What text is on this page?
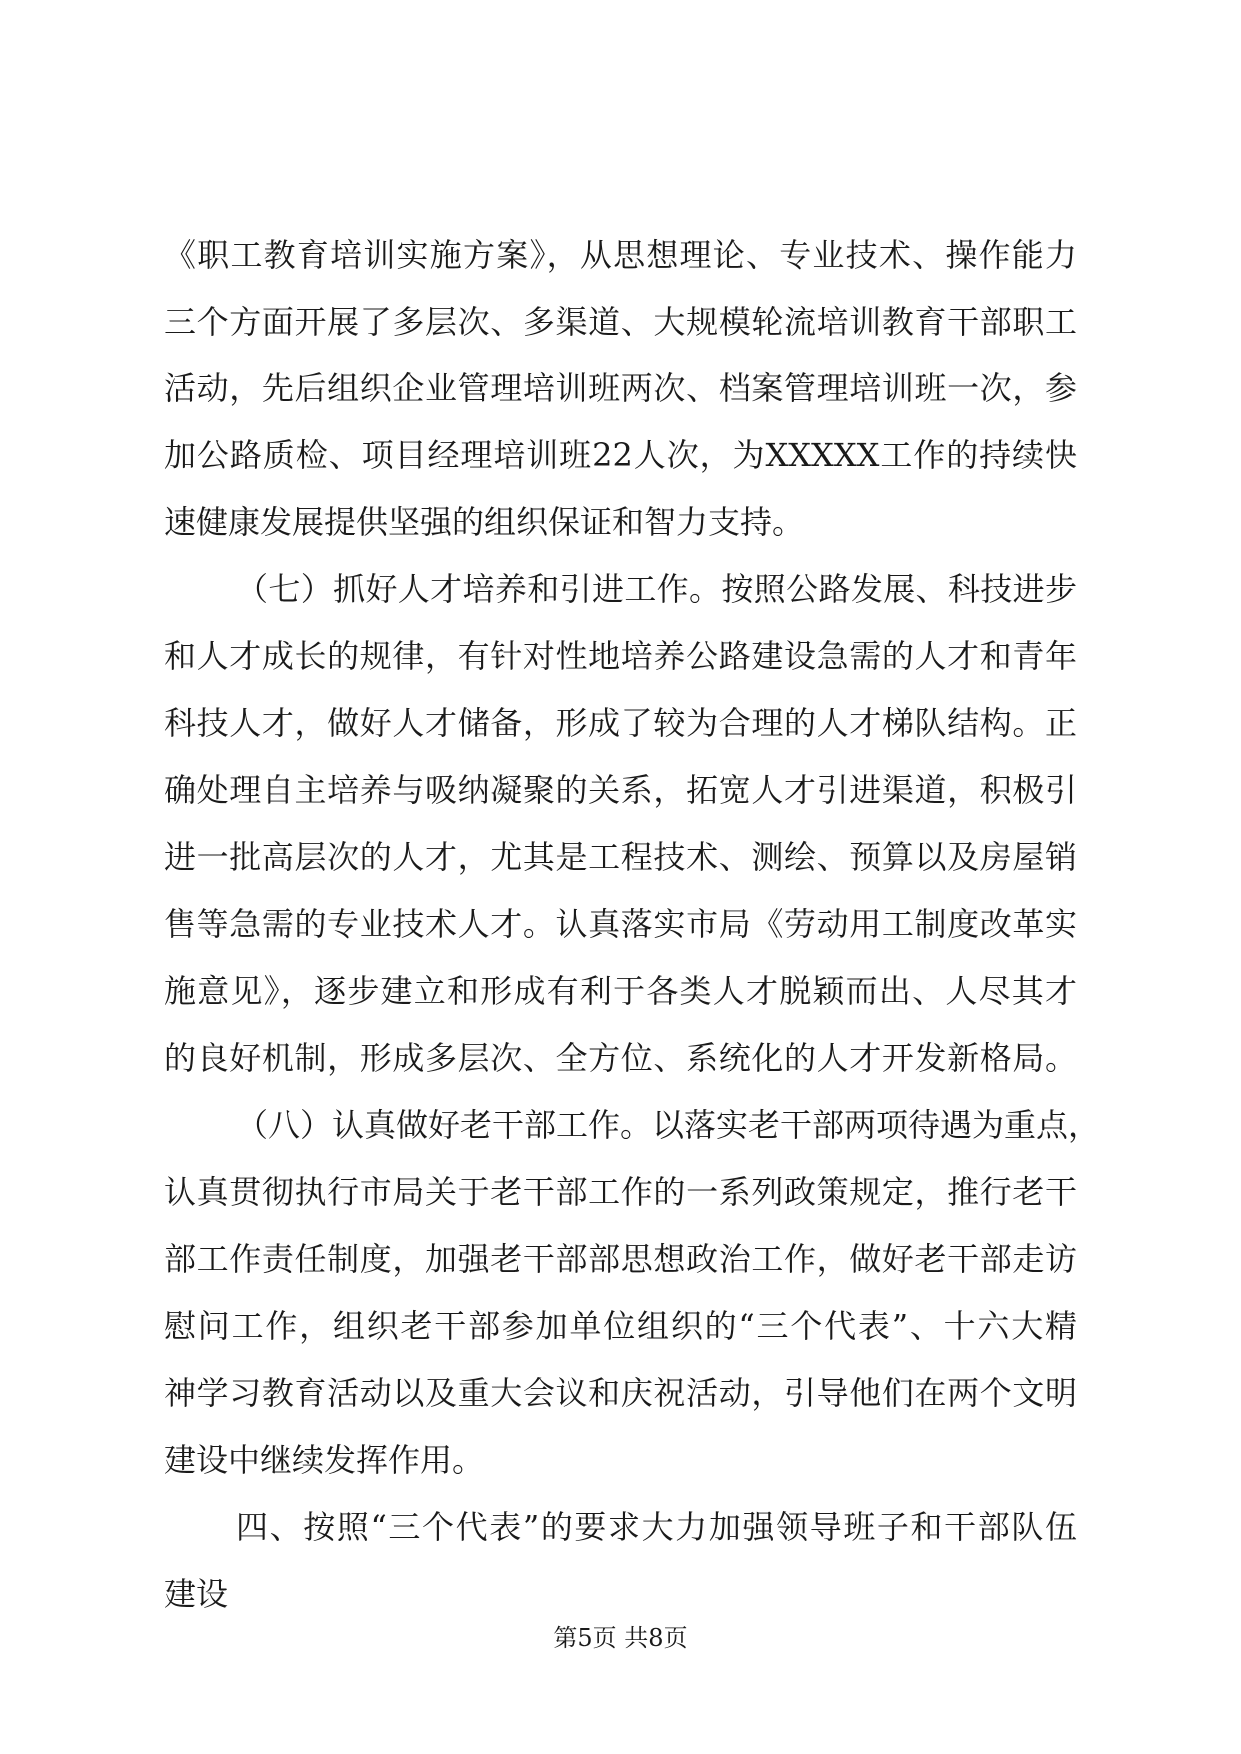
《职工教育培训实施方案》，从思想理论、专业技术、操作能力
三个方面开展了多层次、多渠道、大规模轮流培训教育干部职工
活动，先后组织企业管理培训班两次、档案管理培训班一次，参
加公路质检、项目经理培训班22人次，为XXXXX工作的持续快
速健康发展提供坚强的组织保证和智力支持。
（七）抓好人才培养和引进工作。按照公路发展、科技进步
和人才成长的规律，有针对性地培养公路建设急需的人才和青年
科技人才，做好人才储备，形成了较为合理的人才梯队结构。正
确处理自主培养与吸纳凝聚的关系，拓宽人才引进渠道，积极引
进一批高层次的人才，尤其是工程技术、测绘、预算以及房屋销
售等急需的专业技术人才。认真落实市局《劳动用工制度改革实
施意见》，逐步建立和形成有利于各类人才脱颖而出、人尽其才
的良好机制，形成多层次、全方位、系统化的人才开发新格局。
（八）认真做好老干部工作。以落实老干部两项待遇为重点，
认真贯彻执行市局关于老干部工作的一系列政策规定，推行老干
部工作责任制度，加强老干部部思想政治工作，做好老干部走访
慰问工作，组织老干部参加单位组织的“三个代表”、十六大精
神学习教育活动以及重大会议和庆祝活动，引导他们在两个文明
建设中继续发挥作用。
四、按照“三个代表”的要求大力加强领导班子和干部队伍
建设
第5页 共8页
